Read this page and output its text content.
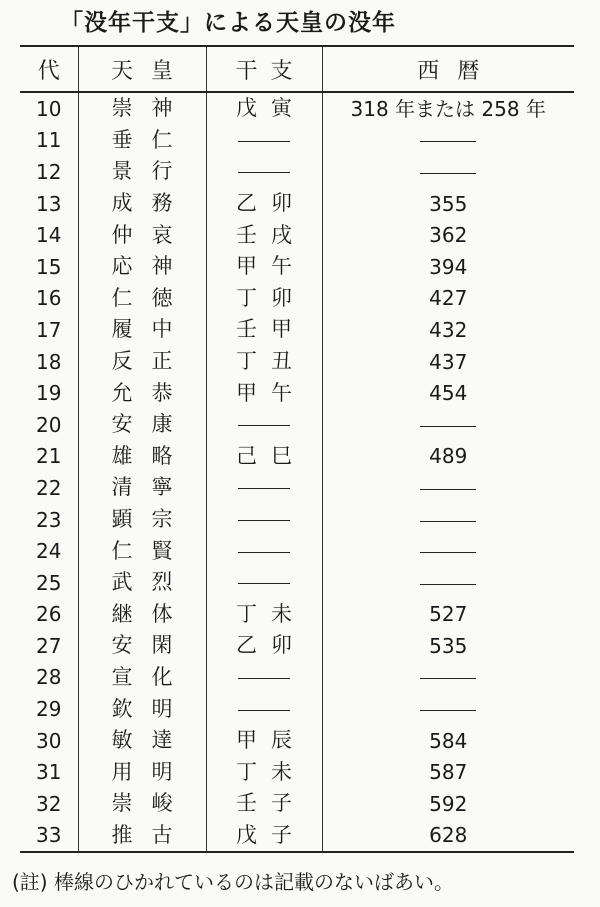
「没年干支」による天皇の没年
代	天 皇	干 支	西 暦
10	崇 神	戊 寅	318 年または 258 年
11	垂 仁		
12	景 行		
13	成 務	乙 卯	355
14	仲 哀	壬 戌	362
15	応 神	甲 午	394
16	仁 徳	丁 卯	427
17	履 中	壬 甲	432
18	反 正	丁 丑	437
19	允 恭	甲 午	454
20	安 康		
21	雄 略	己 巳	489
22	清 寧		
23	顕 宗		
24	仁 賢		
25	武 烈		
26	継 体	丁 未	527
27	安 閑	乙 卯	535
28	宣 化		
29	欽 明		
30	敏 達	甲 辰	584
31	用 明	丁 未	587
32	崇 峻	壬 子	592
33	推 古	戊 子	628
(註) 棒線のひかれているのは記載のないばあい。
